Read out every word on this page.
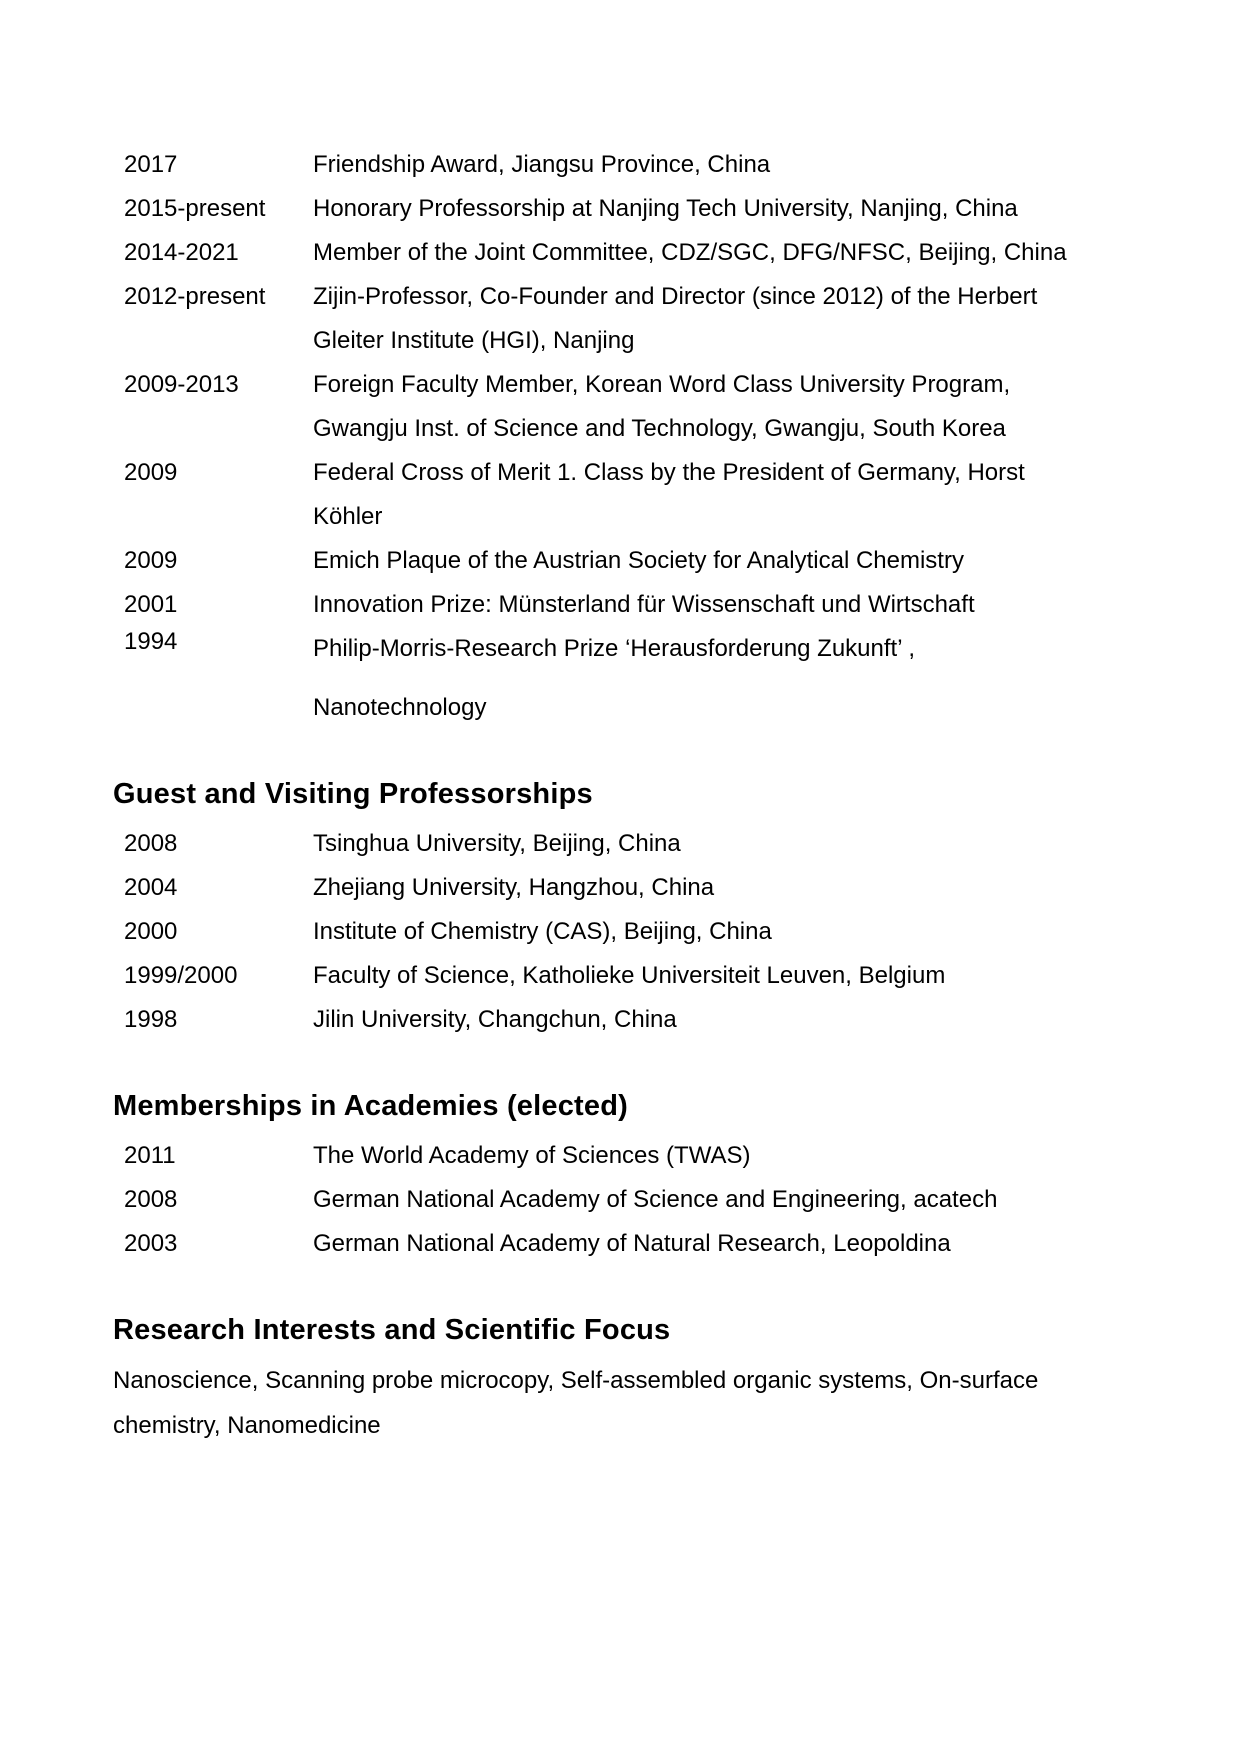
2017	Friendship Award, Jiangsu Province, China
2015-present	Honorary Professorship at Nanjing Tech University, Nanjing, China
2014-2021	Member of the Joint Committee, CDZ/SGC, DFG/NFSC, Beijing, China
2012-present	Zijin-Professor, Co-Founder and Director (since 2012) of the Herbert
Gleiter Institute (HGI), Nanjing
2009-2013	Foreign Faculty Member, Korean Word Class University Program,
Gwangju Inst. of Science and Technology, Gwangju, South Korea
2009	Federal Cross of Merit 1. Class by the President of Germany, Horst
Köhler
2009	Emich Plaque of the Austrian Society for Analytical Chemistry
2001	Innovation Prize: Münsterland für Wissenschaft und Wirtschaft
1994	Philip-Morris-Research Prize ‘Herausforderung Zukunft’ ,
Nanotechnology
Guest and Visiting Professorships
2008	Tsinghua University, Beijing, China
2004	Zhejiang University, Hangzhou, China
2000	Institute of Chemistry (CAS), Beijing, China
1999/2000	Faculty of Science, Katholieke Universiteit Leuven, Belgium
1998	Jilin University, Changchun, China
Memberships in Academies (elected)
2011	The World Academy of Sciences (TWAS)
2008	German National Academy of Science and Engineering, acatech
2003	German National Academy of Natural Research, Leopoldina
Research Interests and Scientific Focus
Nanoscience, Scanning probe microcopy, Self-assembled organic systems, On-surface
chemistry, Nanomedicine
